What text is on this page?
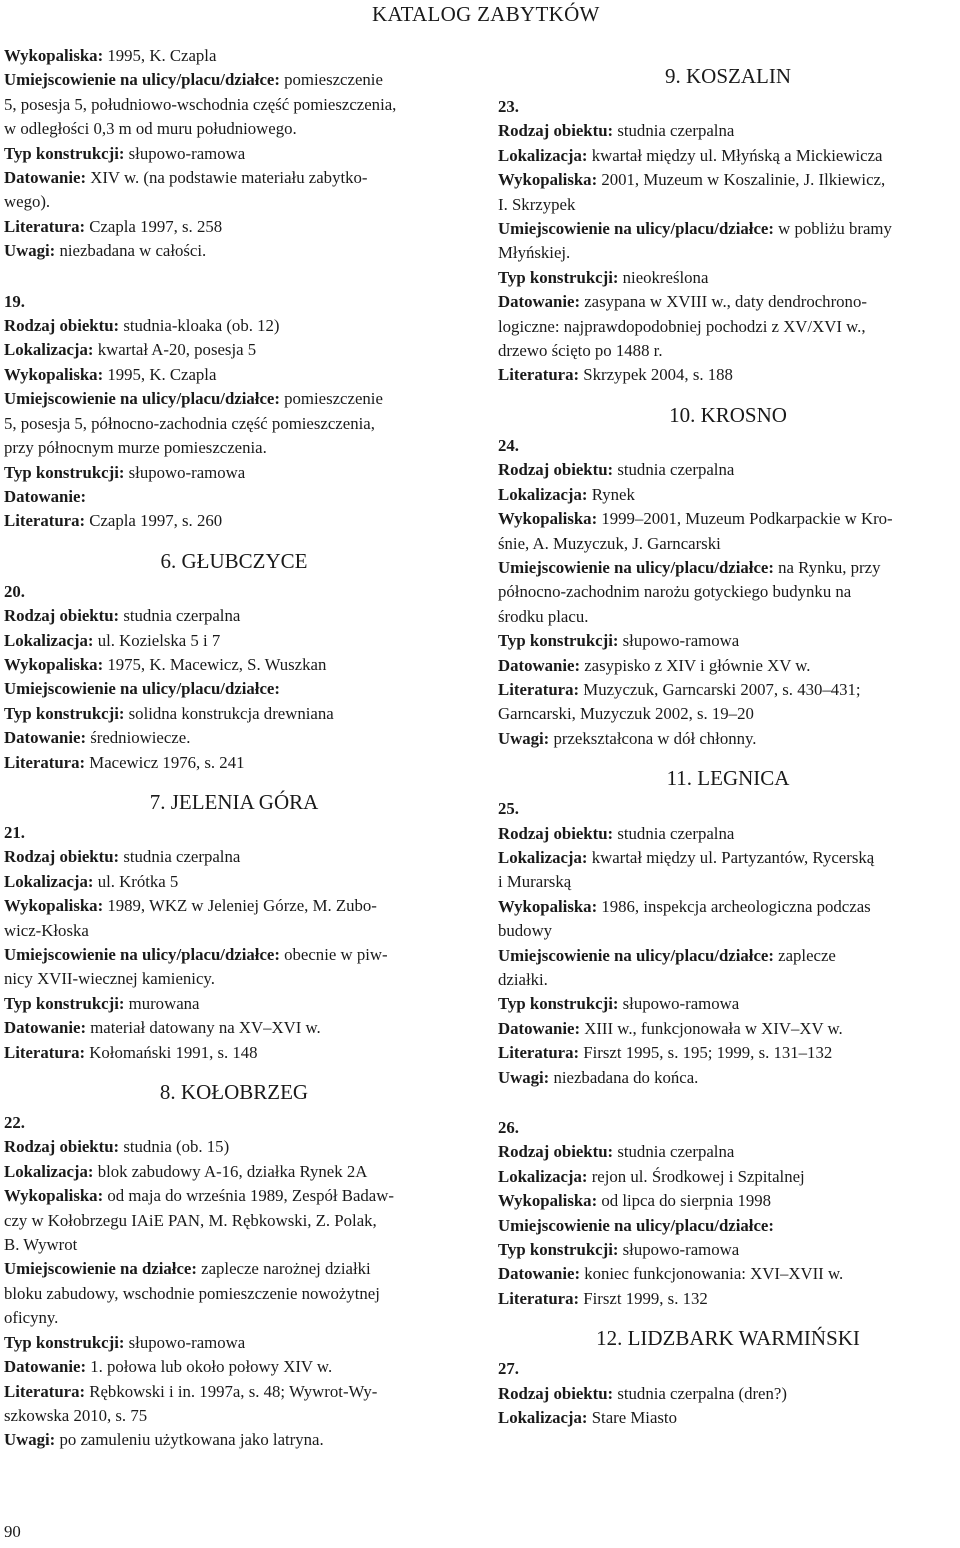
KATALOG ZABYTKÓW
Wykopaliska: 1995, K. Czapla
Umiejscowienie na ulicy/placu/działce: pomieszczenie
5, posesja 5, południowo-wschodnia część pomieszczenia,
w odległości 0,3 m od muru południowego.
Typ konstrukcji: słupowo-ramowa
Datowanie: XIV w. (na podstawie materiału zabytko-
wego).
Literatura: Czapla 1997, s. 258
Uwagi: niezbadana w całości.
19.
Rodzaj obiektu: studnia-kloaka (ob. 12)
Lokalizacja: kwartał A-20, posesja 5
Wykopaliska: 1995, K. Czapla
Umiejscowienie na ulicy/placu/działce: pomieszczenie
5, posesja 5, północno-zachodnia część pomieszczenia,
przy północnym murze pomieszczenia.
Typ konstrukcji: słupowo-ramowa
Datowanie:
Literatura: Czapla 1997, s. 260
6. GŁUBCZYCE
20.
Rodzaj obiektu: studnia czerpalna
Lokalizacja: ul. Kozielska 5 i 7
Wykopaliska: 1975, K. Macewicz, S. Wuszkan
Umiejscowienie na ulicy/placu/działce:
Typ konstrukcji: solidna konstrukcja drewniana
Datowanie: średniowiecze.
Literatura: Macewicz 1976, s. 241
7. JELENIA GÓRA
21.
Rodzaj obiektu: studnia czerpalna
Lokalizacja: ul. Krótka 5
Wykopaliska: 1989, WKZ w Jeleniej Górze, M. Zubo-
wicz-Kłoska
Umiejscowienie na ulicy/placu/działce: obecnie w piw-
nicy XVII-wiecznej kamienicy.
Typ konstrukcji: murowana
Datowanie: materiał datowany na XV–XVI w.
Literatura: Kołomański 1991, s. 148
8. KOŁOBRZEG
22.
Rodzaj obiektu: studnia (ob. 15)
Lokalizacja: blok zabudowy A-16, działka Rynek 2A
Wykopaliska: od maja do września 1989, Zespół Badaw-
czy w Kołobrzegu IAiE PAN, M. Rębkowski, Z. Polak,
B. Wywrot
Umiejscowienie na działce: zaplecze narożnej działki
bloku zabudowy, wschodnie pomieszczenie nowożytnej
oficyny.
Typ konstrukcji: słupowo-ramowa
Datowanie: 1. połowa lub około połowy XIV w.
Literatura: Rębkowski i in. 1997a, s. 48; Wywrot-Wy-
szkowska 2010, s. 75
Uwagi: po zamuleniu użytkowana jako latryna.
9. KOSZALIN
23.
Rodzaj obiektu: studnia czerpalna
Lokalizacja: kwartał między ul. Młyńską a Mickiewicza
Wykopaliska: 2001, Muzeum w Koszalinie, J. Ilkiewicz,
I. Skrzypek
Umiejscowienie na ulicy/placu/działce: w pobliżu bramy
Młyńskiej.
Typ konstrukcji: nieokreślona
Datowanie: zasypana w XVIII w., daty dendrochrono-
logiczne: najprawdopodobniej pochodzi z XV/XVI w.,
drzewo ścięto po 1488 r.
Literatura: Skrzypek 2004, s. 188
10. KROSNO
24.
Rodzaj obiektu: studnia czerpalna
Lokalizacja: Rynek
Wykopaliska: 1999–2001, Muzeum Podkarpackie w Kro-
śnie, A. Muzyczuk, J. Garncarski
Umiejscowienie na ulicy/placu/działce: na Rynku, przy
północno-zachodnim narożu gotyckiego budynku na
środku placu.
Typ konstrukcji: słupowo-ramowa
Datowanie: zasypisko z XIV i głównie XV w.
Literatura: Muzyczuk, Garncarski 2007, s. 430–431;
Garncarski, Muzyczuk 2002, s. 19–20
Uwagi: przekształcona w dół chłonny.
11. LEGNICA
25.
Rodzaj obiektu: studnia czerpalna
Lokalizacja: kwartał między ul. Partyzantów, Rycerską
i Murarską
Wykopaliska: 1986, inspekcja archeologiczna podczas
budowy
Umiejscowienie na ulicy/placu/działce: zaplecze
działki.
Typ konstrukcji: słupowo-ramowa
Datowanie: XIII w., funkcjonowała w XIV–XV w.
Literatura: Firszt 1995, s. 195; 1999, s. 131–132
Uwagi: niezbadana do końca.
26.
Rodzaj obiektu: studnia czerpalna
Lokalizacja: rejon ul. Środkowej i Szpitalnej
Wykopaliska: od lipca do sierpnia 1998
Umiejscowienie na ulicy/placu/działce:
Typ konstrukcji: słupowo-ramowa
Datowanie: koniec funkcjonowania: XVI–XVII w.
Literatura: Firszt 1999, s. 132
12. LIDZBARK WARMIŃSKI
27.
Rodzaj obiektu: studnia czerpalna (dren?)
Lokalizacja: Stare Miasto
90
